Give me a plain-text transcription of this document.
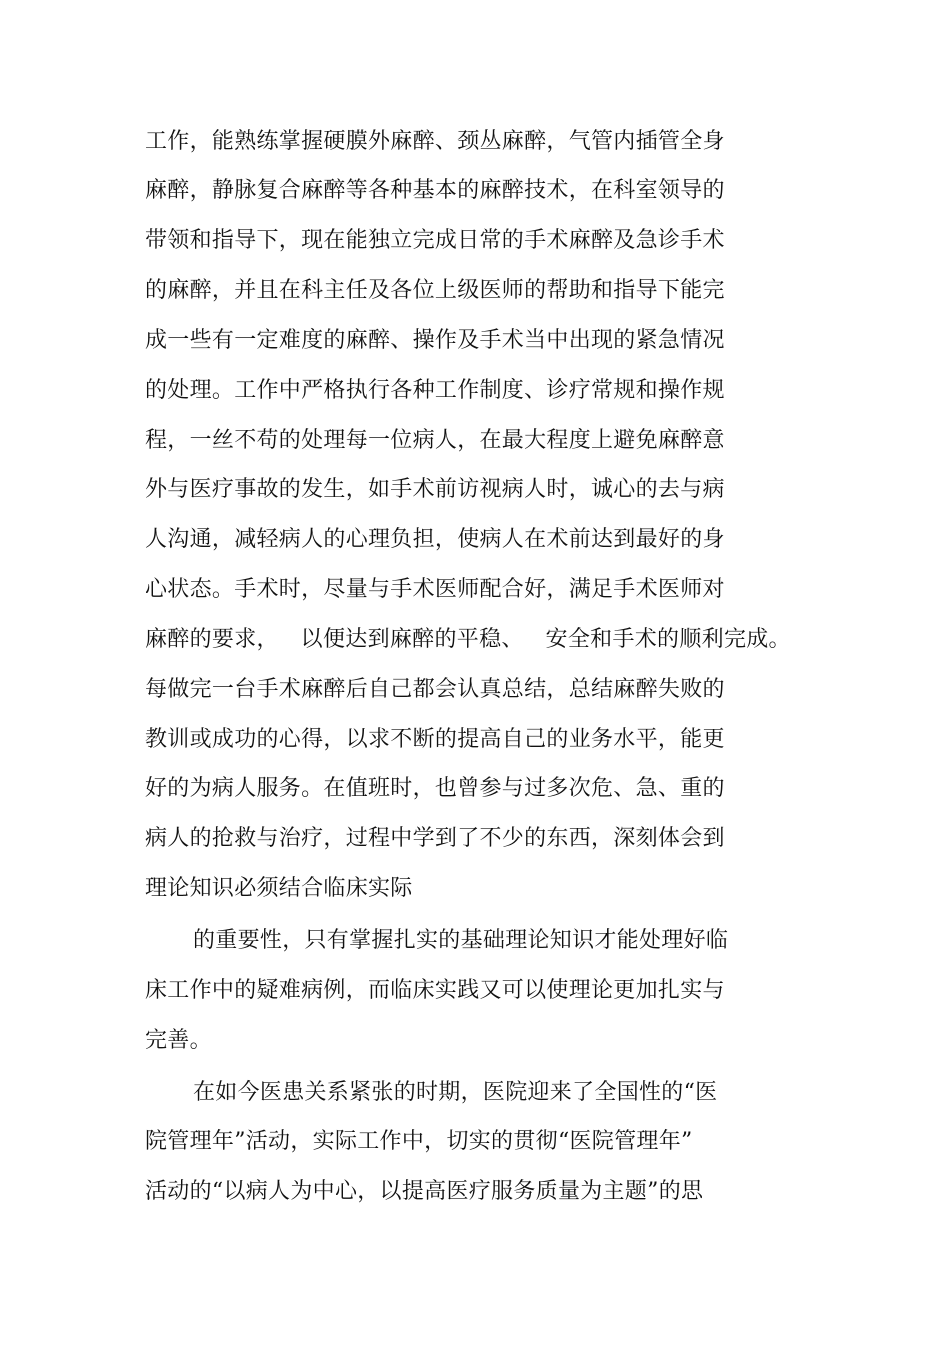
工作，能熟练掌握硬膜外麻醉、颈丛麻醉，气管内插管全身
麻醉，静脉复合麻醉等各种基本的麻醉技术，在科室领导的
带领和指导下，现在能独立完成日常的手术麻醉及急诊手术
的麻醉，并且在科主任及各位上级医师的帮助和指导下能完
成一些有一定难度的麻醉、操作及手术当中出现的紧急情况
的处理。工作中严格执行各种工作制度、诊疗常规和操作规
程，一丝不苟的处理每一位病人，在最大程度上避免麻醉意
外与医疗事故的发生，如手术前访视病人时，诚心的去与病
人沟通，减轻病人的心理负担，使病人在术前达到最好的身
心状态。手术时，尽量与手术医师配合好，满足手术医师对
麻醉的要求，   以便达到麻醉的平稳、   安全和手术的顺利完成。
每做完一台手术麻醉后自己都会认真总结，总结麻醉失败的
教训或成功的心得，以求不断的提高自己的业务水平，能更
好的为病人服务。在值班时，也曾参与过多次危、急、重的
病人的抢救与治疗，过程中学到了不少的东西，深刻体会到
理论知识必须结合临床实际
的重要性，只有掌握扎实的基础理论知识才能处理好临
床工作中的疑难病例，而临床实践又可以使理论更加扎实与
完善。
在如今医患关系紧张的时期，医院迎来了全国性的“医
院管理年”活动，实际工作中，切实的贯彻“医院管理年”
活动的“以病人为中心，以提高医疗服务质量为主题”的思
